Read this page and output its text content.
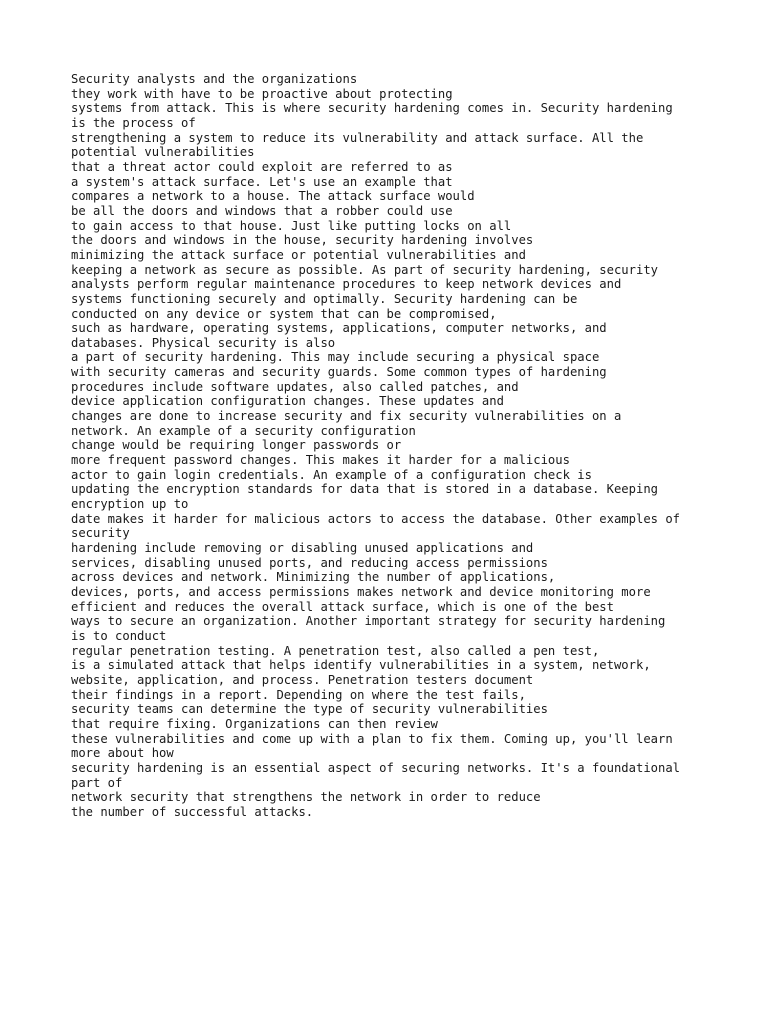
Security analysts and the organizations
they work with have to be proactive about protecting
systems from attack. This is where security hardening comes in. Security hardening
is the process of
strengthening a system to reduce its vulnerability and attack surface. All the
potential vulnerabilities
that a threat actor could exploit are referred to as
a system's attack surface. Let's use an example that
compares a network to a house. The attack surface would
be all the doors and windows that a robber could use
to gain access to that house. Just like putting locks on all
the doors and windows in the house, security hardening involves
minimizing the attack surface or potential vulnerabilities and
keeping a network as secure as possible. As part of security hardening, security
analysts perform regular maintenance procedures to keep network devices and
systems functioning securely and optimally. Security hardening can be
conducted on any device or system that can be compromised,
such as hardware, operating systems, applications, computer networks, and
databases. Physical security is also
a part of security hardening. This may include securing a physical space
with security cameras and security guards. Some common types of hardening
procedures include software updates, also called patches, and
device application configuration changes. These updates and
changes are done to increase security and fix security vulnerabilities on a
network. An example of a security configuration
change would be requiring longer passwords or
more frequent password changes. This makes it harder for a malicious
actor to gain login credentials. An example of a configuration check is
updating the encryption standards for data that is stored in a database. Keeping
encryption up to
date makes it harder for malicious actors to access the database. Other examples of
security
hardening include removing or disabling unused applications and
services, disabling unused ports, and reducing access permissions
across devices and network. Minimizing the number of applications,
devices, ports, and access permissions makes network and device monitoring more
efficient and reduces the overall attack surface, which is one of the best
ways to secure an organization. Another important strategy for security hardening
is to conduct
regular penetration testing. A penetration test, also called a pen test,
is a simulated attack that helps identify vulnerabilities in a system, network,
website, application, and process. Penetration testers document
their findings in a report. Depending on where the test fails,
security teams can determine the type of security vulnerabilities
that require fixing. Organizations can then review
these vulnerabilities and come up with a plan to fix them. Coming up, you'll learn
more about how
security hardening is an essential aspect of securing networks. It's a foundational
part of
network security that strengthens the network in order to reduce
the number of successful attacks.
